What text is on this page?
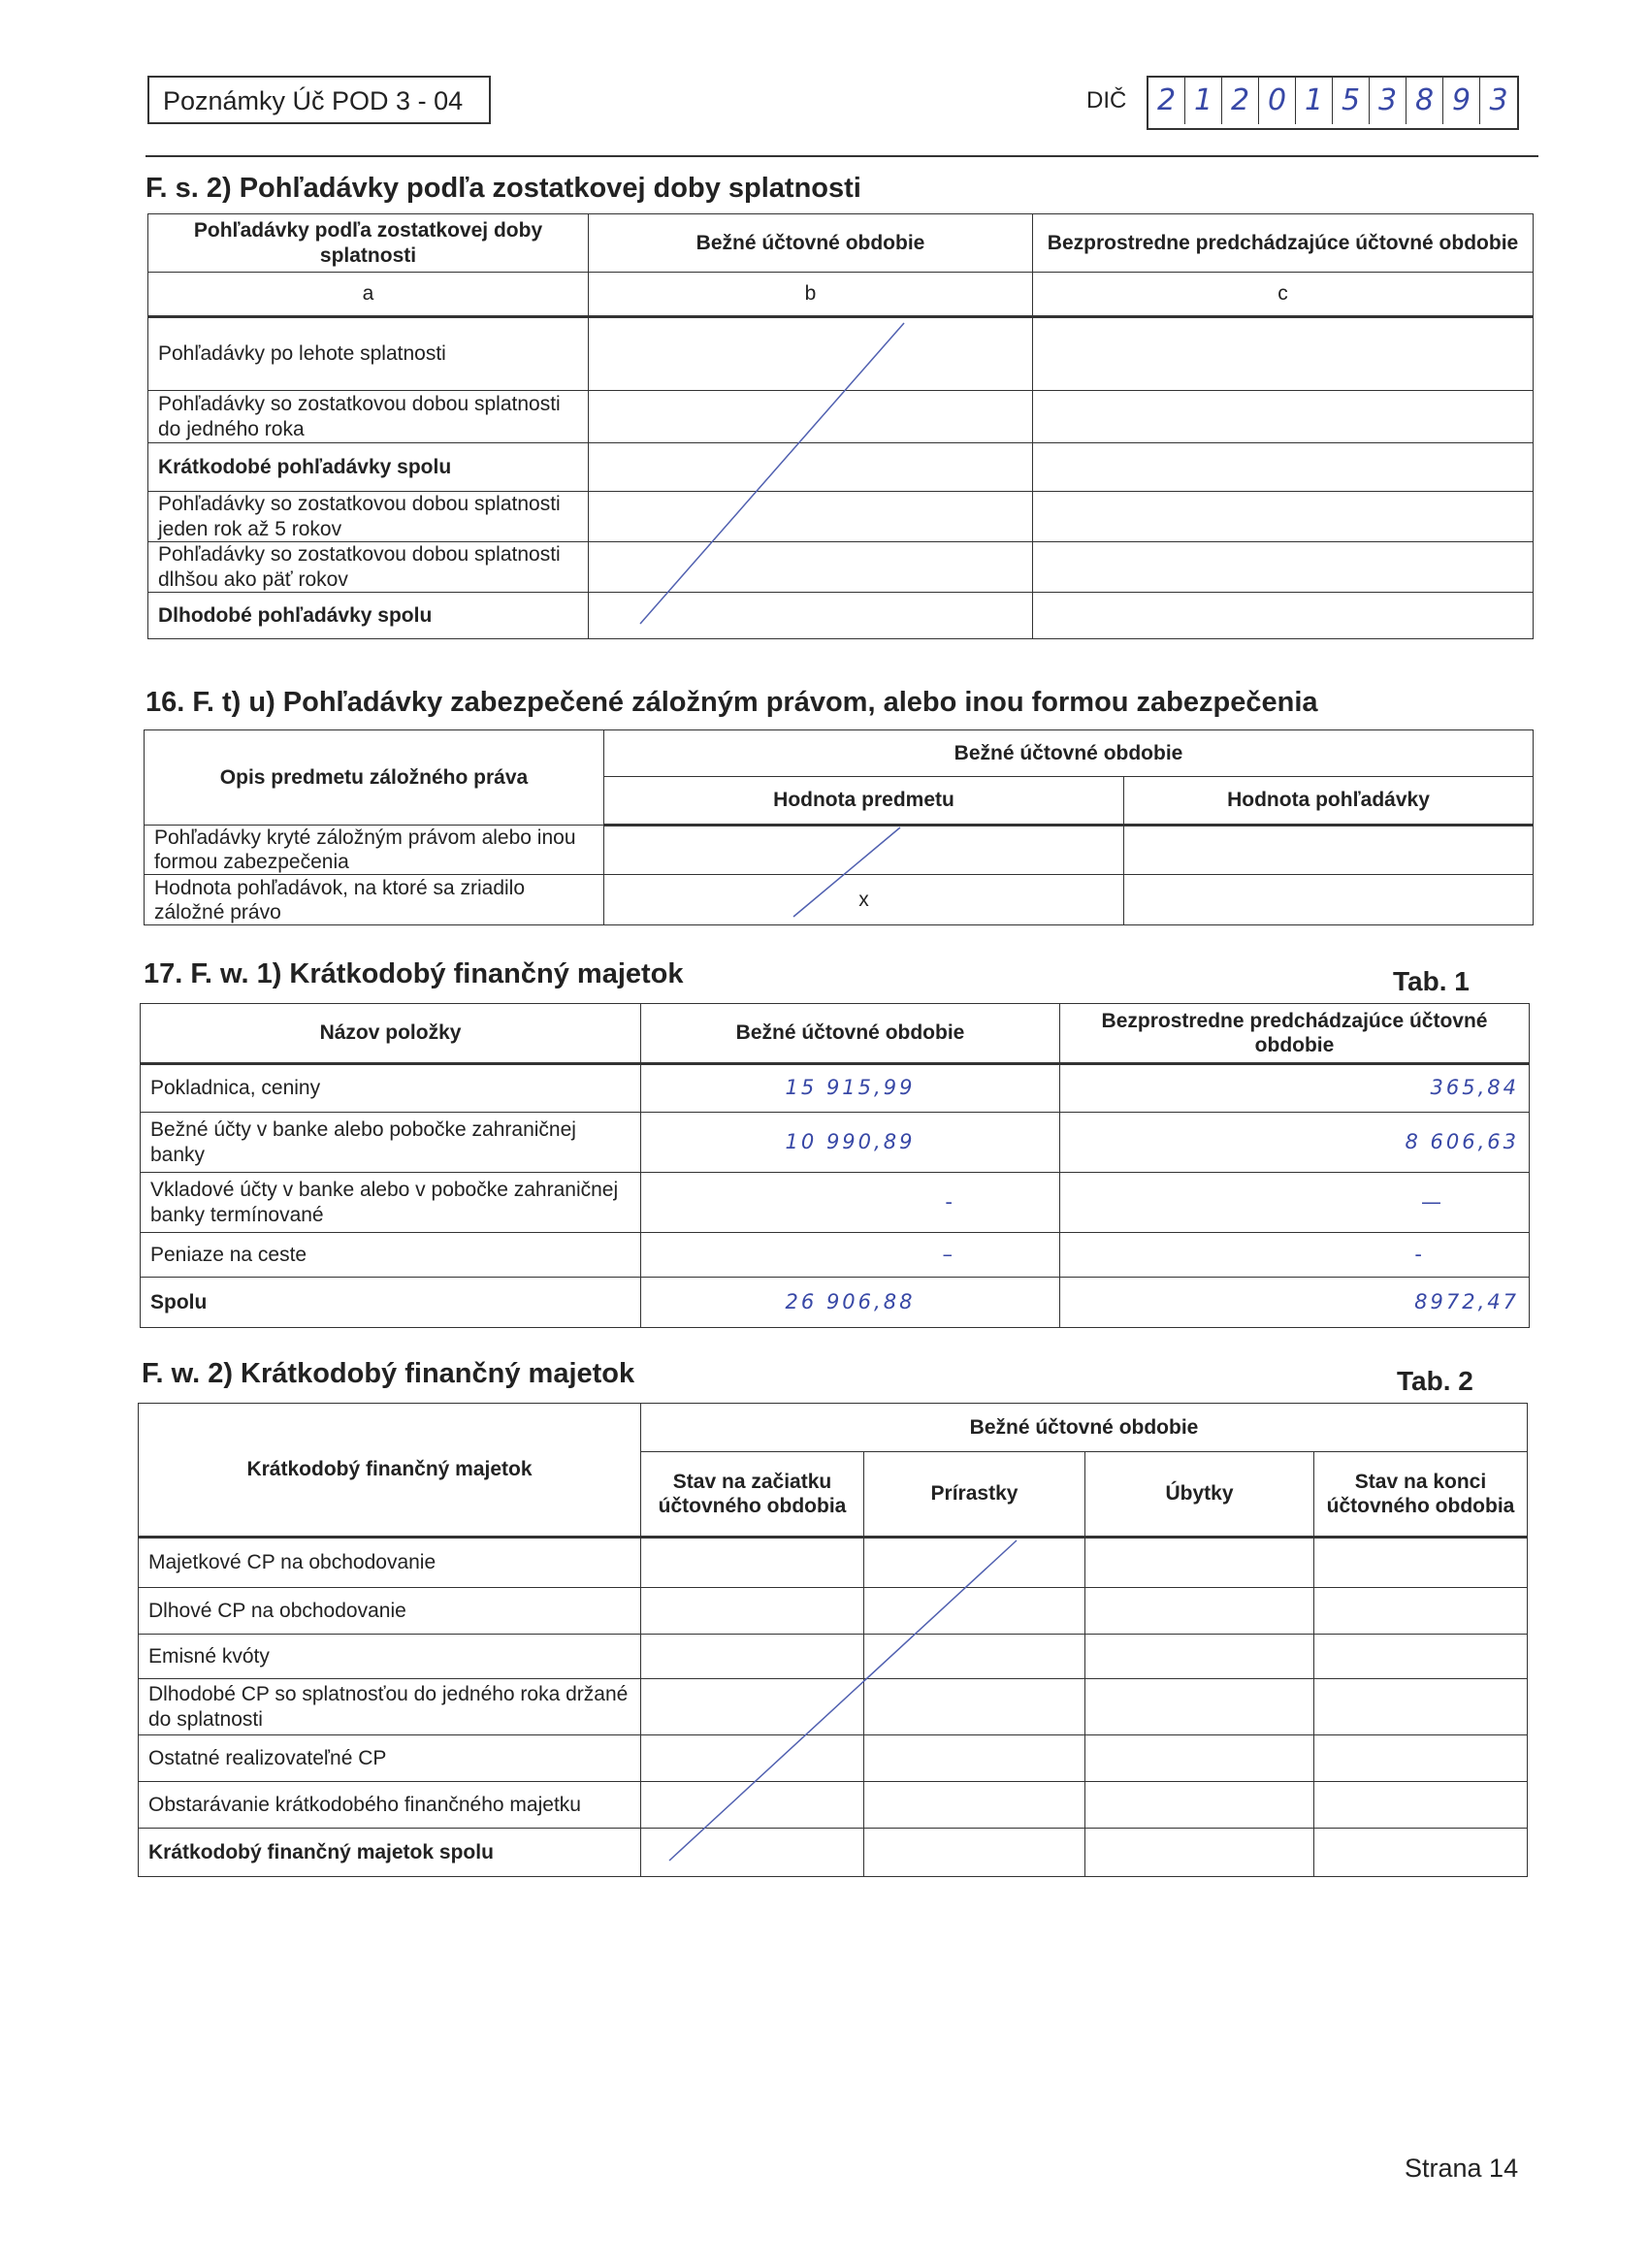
Poznámky Úč POD 3 - 04	DIČ 2 1 2 0 1 5 3 8 9 3
F. s. 2) Pohľadávky podľa zostatkovej doby splatnosti
Pohľadávky podľa zostatkovej doby splatnosti	Bežné účtovné obdobie	Bezprostredne predchádzajúce účtovné obdobie
a	b	c
Pohľadávky po lehote splatnosti		
Pohľadávky so zostatkovou dobou splatnosti do jedného roka		
Krátkodobé pohľadávky spolu		
Pohľadávky so zostatkovou dobou splatnosti jeden rok až 5 rokov		
Pohľadávky so zostatkovou dobou splatnosti dlhšou ako päť rokov		
Dlhodobé pohľadávky spolu		
16. F. t) u) Pohľadávky zabezpečené záložným právom, alebo inou formou zabezpečenia
Opis predmetu záložného práva	Bežné účtovné obdobie	
	Hodnota predmetu	Hodnota pohľadávky
Pohľadávky kryté záložným právom alebo inou formou zabezpečenia		
Hodnota pohľadávok, na ktoré sa zriadilo záložné právo	x	
17. F. w. 1) Krátkodobý finančný majetok	Tab. 1
Názov položky	Bežné účtovné obdobie	Bezprostredne predchádzajúce účtovné obdobie
Pokladnica, ceniny	15 915,99	365,84
Bežné účty v banke alebo pobočke zahraničnej banky	10 990,89	8 606,63
Vkladové účty v banke alebo v pobočke zahraničnej banky termínované	-	—
Peniaze na ceste	–	-
Spolu	26 906,88	8972,47
F. w. 2) Krátkodobý finančný majetok	Tab. 2
Krátkodobý finančný majetok	Bežné účtovné obdobie			
	Stav na začiatku účtovného obdobia	Prírastky	Úbytky	Stav na konci účtovného obdobia
Majetkové CP na obchodovanie				
Dlhové CP na obchodovanie				
Emisné kvóty				
Dlhodobé CP so splatnosťou do jedného roka držané do splatnosti				
Ostatné realizovateľné CP				
Obstarávanie krátkodobého finančného majetku				
Krátkodobý finančný majetok spolu				
Strana 14
